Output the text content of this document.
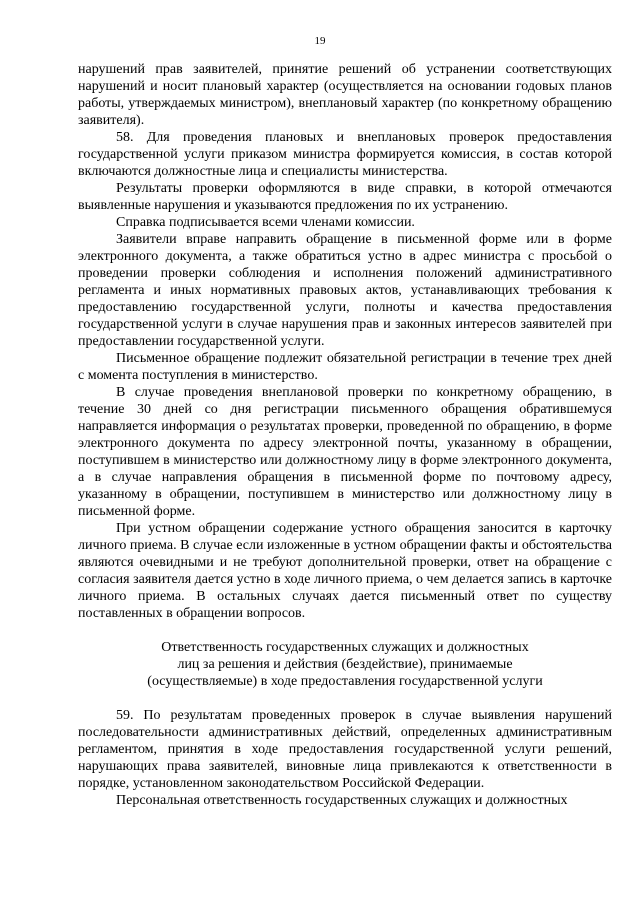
19

нарушений прав заявителей, принятие решений об устранении соответствующих нарушений и носит плановый характер (осуществляется на основании годовых планов работы, утверждаемых министром), внеплановый характер (по конкретному обращению заявителя).

58. Для проведения плановых и внеплановых проверок предоставления государственной услуги приказом министра формируется комиссия, в состав которой включаются должностные лица и специалисты министерства.

Результаты проверки оформляются в виде справки, в которой отмечаются выявленные нарушения и указываются предложения по их устранению.

Справка подписывается всеми членами комиссии.

Заявители вправе направить обращение в письменной форме или в форме электронного документа, а также обратиться устно в адрес министра с просьбой о проведении проверки соблюдения и исполнения положений административного регламента и иных нормативных правовых актов, устанавливающих требования к предоставлению государственной услуги, полноты и качества предоставления государственной услуги в случае нарушения прав и законных интересов заявителей при предоставлении государственной услуги.

Письменное обращение подлежит обязательной регистрации в течение трех дней с момента поступления в министерство.

В случае проведения внеплановой проверки по конкретному обращению, в течение 30 дней со дня регистрации письменного обращения обратившемуся направляется информация о результатах проверки, проведенной по обращению, в форме электронного документа по адресу электронной почты, указанному в обращении, поступившем в министерство или должностному лицу в форме электронного документа, а в случае направления обращения в письменной форме по почтовому адресу, указанному в обращении, поступившем в министерство или должностному лицу в письменной форме.

При устном обращении содержание устного обращения заносится в карточку личного приема. В случае если изложенные в устном обращении факты и обстоятельства являются очевидными и не требуют дополнительной проверки, ответ на обращение с согласия заявителя дается устно в ходе личного приема, о чем делается запись в карточке личного приема. В остальных случаях дается письменный ответ по существу поставленных в обращении вопросов.

Ответственность государственных служащих и должностных
лиц за решения и действия (бездействие), принимаемые
(осуществляемые) в ходе предоставления государственной услуги

59. По результатам проведенных проверок в случае выявления нарушений последовательности административных действий, определенных административным регламентом, принятия в ходе предоставления государственной услуги решений, нарушающих права заявителей, виновные лица привлекаются к ответственности в порядке, установленном законодательством Российской Федерации.

Персональная ответственность государственных служащих и должностных
